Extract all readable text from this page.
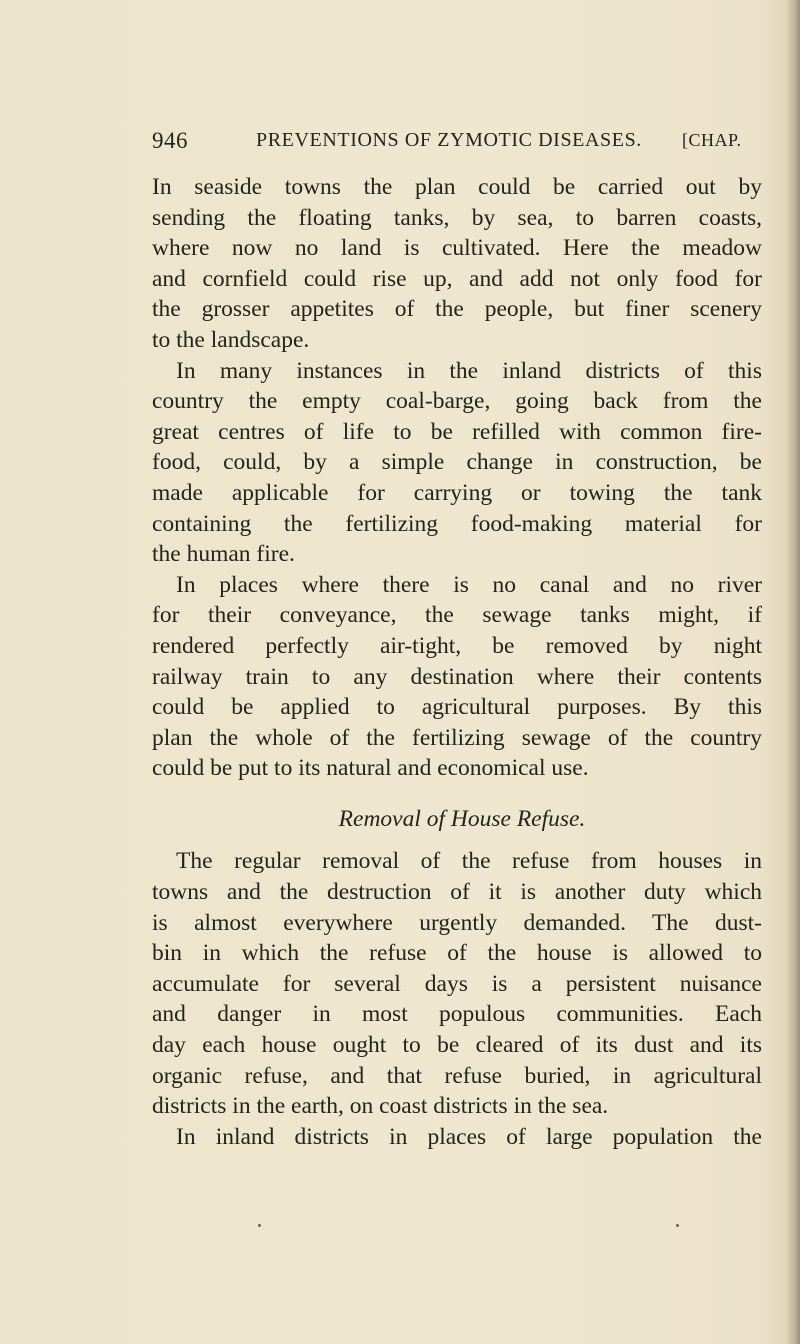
946	PREVENTIONS OF ZYMOTIC DISEASES. [CHAP.
In seaside towns the plan could be carried out by
sending the floating tanks, by sea, to barren coasts,
where now no land is cultivated. Here the meadow
and cornfield could rise up, and add not only food for
the grosser appetites of the people, but finer scenery
to the landscape.
In many instances in the inland districts of this
country the empty coal-barge, going back from the
great centres of life to be refilled with common fire-
food, could, by a simple change in construction, be
made applicable for carrying or towing the tank
containing the fertilizing food-making material for
the human fire.
In places where there is no canal and no river
for their conveyance, the sewage tanks might, if
rendered perfectly air-tight, be removed by night
railway train to any destination where their contents
could be applied to agricultural purposes. By this
plan the whole of the fertilizing sewage of the country
could be put to its natural and economical use.
Removal of House Refuse.
The regular removal of the refuse from houses in
towns and the destruction of it is another duty which
is almost everywhere urgently demanded. The dust-
bin in which the refuse of the house is allowed to
accumulate for several days is a persistent nuisance
and danger in most populous communities. Each
day each house ought to be cleared of its dust and its
organic refuse, and that refuse buried, in agricultural
districts in the earth, on coast districts in the sea.
In inland districts in places of large population the
